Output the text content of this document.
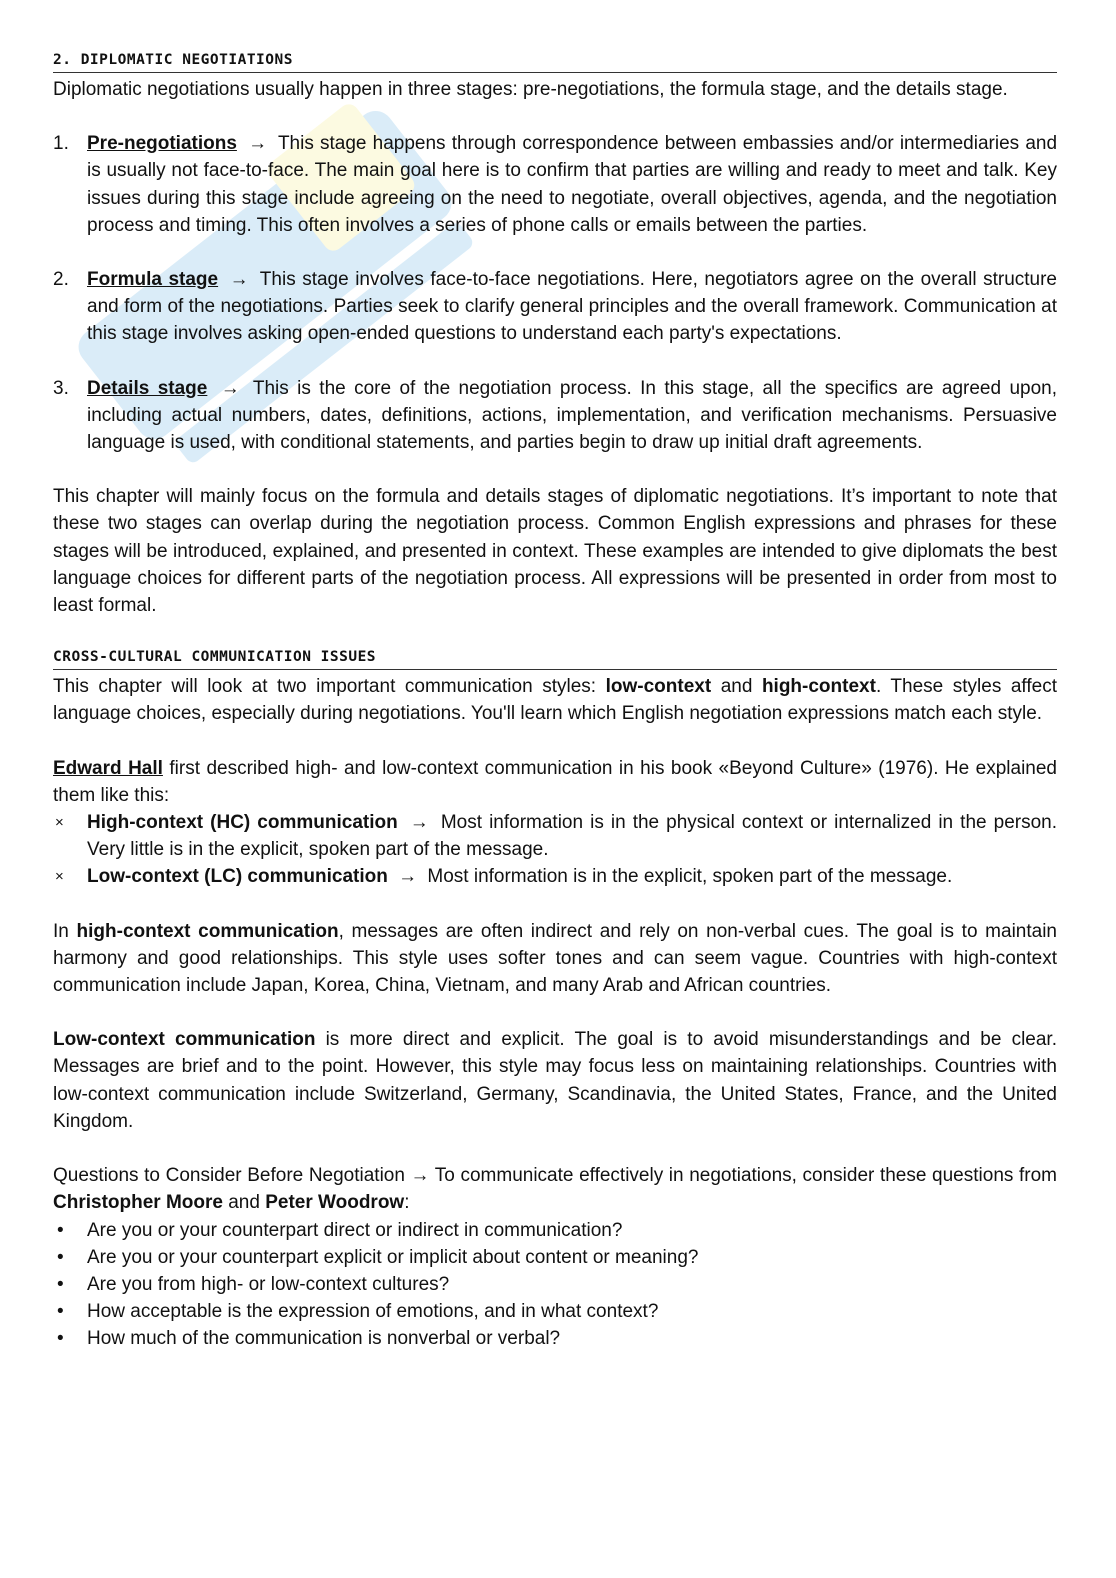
2. DIPLOMATIC NEGOTIATIONS

Diplomatic negotiations usually happen in three stages: pre-negotiations, the formula stage, and the details stage.

1. Pre-negotiations → This stage happens through correspondence between embassies and/or intermediaries and is usually not face-to-face. The main goal here is to confirm that parties are willing and ready to meet and talk. Key issues during this stage include agreeing on the need to negotiate, overall objectives, agenda, and the negotiation process and timing. This often involves a series of phone calls or emails between the parties.
2. Formula stage → This stage involves face-to-face negotiations. Here, negotiators agree on the overall structure and form of the negotiations. Parties seek to clarify general principles and the overall framework. Communication at this stage involves asking open-ended questions to understand each party's expectations.
3. Details stage → This is the core of the negotiation process. In this stage, all the specifics are agreed upon, including actual numbers, dates, definitions, actions, implementation, and verification mechanisms. Persuasive language is used, with conditional statements, and parties begin to draw up initial draft agreements.

This chapter will mainly focus on the formula and details stages of diplomatic negotiations. It’s important to note that these two stages can overlap during the negotiation process. Common English expressions and phrases for these stages will be introduced, explained, and presented in context. These examples are intended to give diplomats the best language choices for different parts of the negotiation process. All expressions will be presented in order from most to least formal.

CROSS-CULTURAL COMMUNICATION ISSUES

This chapter will look at two important communication styles: low-context and high-context. These styles affect language choices, especially during negotiations. You'll learn which English negotiation expressions match each style.

Edward Hall first described high- and low-context communication in his book «Beyond Culture» (1976). He explained them like this:

× High-context (HC) communication → Most information is in the physical context or internalized in the person. Very little is in the explicit, spoken part of the message.
× Low-context (LC) communication → Most information is in the explicit, spoken part of the message.

In high-context communication, messages are often indirect and rely on non-verbal cues. The goal is to maintain harmony and good relationships. This style uses softer tones and can seem vague. Countries with high-context communication include Japan, Korea, China, Vietnam, and many Arab and African countries.

Low-context communication is more direct and explicit. The goal is to avoid misunderstandings and be clear. Messages are brief and to the point. However, this style may focus less on maintaining relationships. Countries with low-context communication include Switzerland, Germany, Scandinavia, the United States, France, and the United Kingdom.

Questions to Consider Before Negotiation → To communicate effectively in negotiations, consider these questions from Christopher Moore and Peter Woodrow:

• Are you or your counterpart direct or indirect in communication?
• Are you or your counterpart explicit or implicit about content or meaning?
• Are you from high- or low-context cultures?
• How acceptable is the expression of emotions, and in what context?
• How much of the communication is nonverbal or verbal?
